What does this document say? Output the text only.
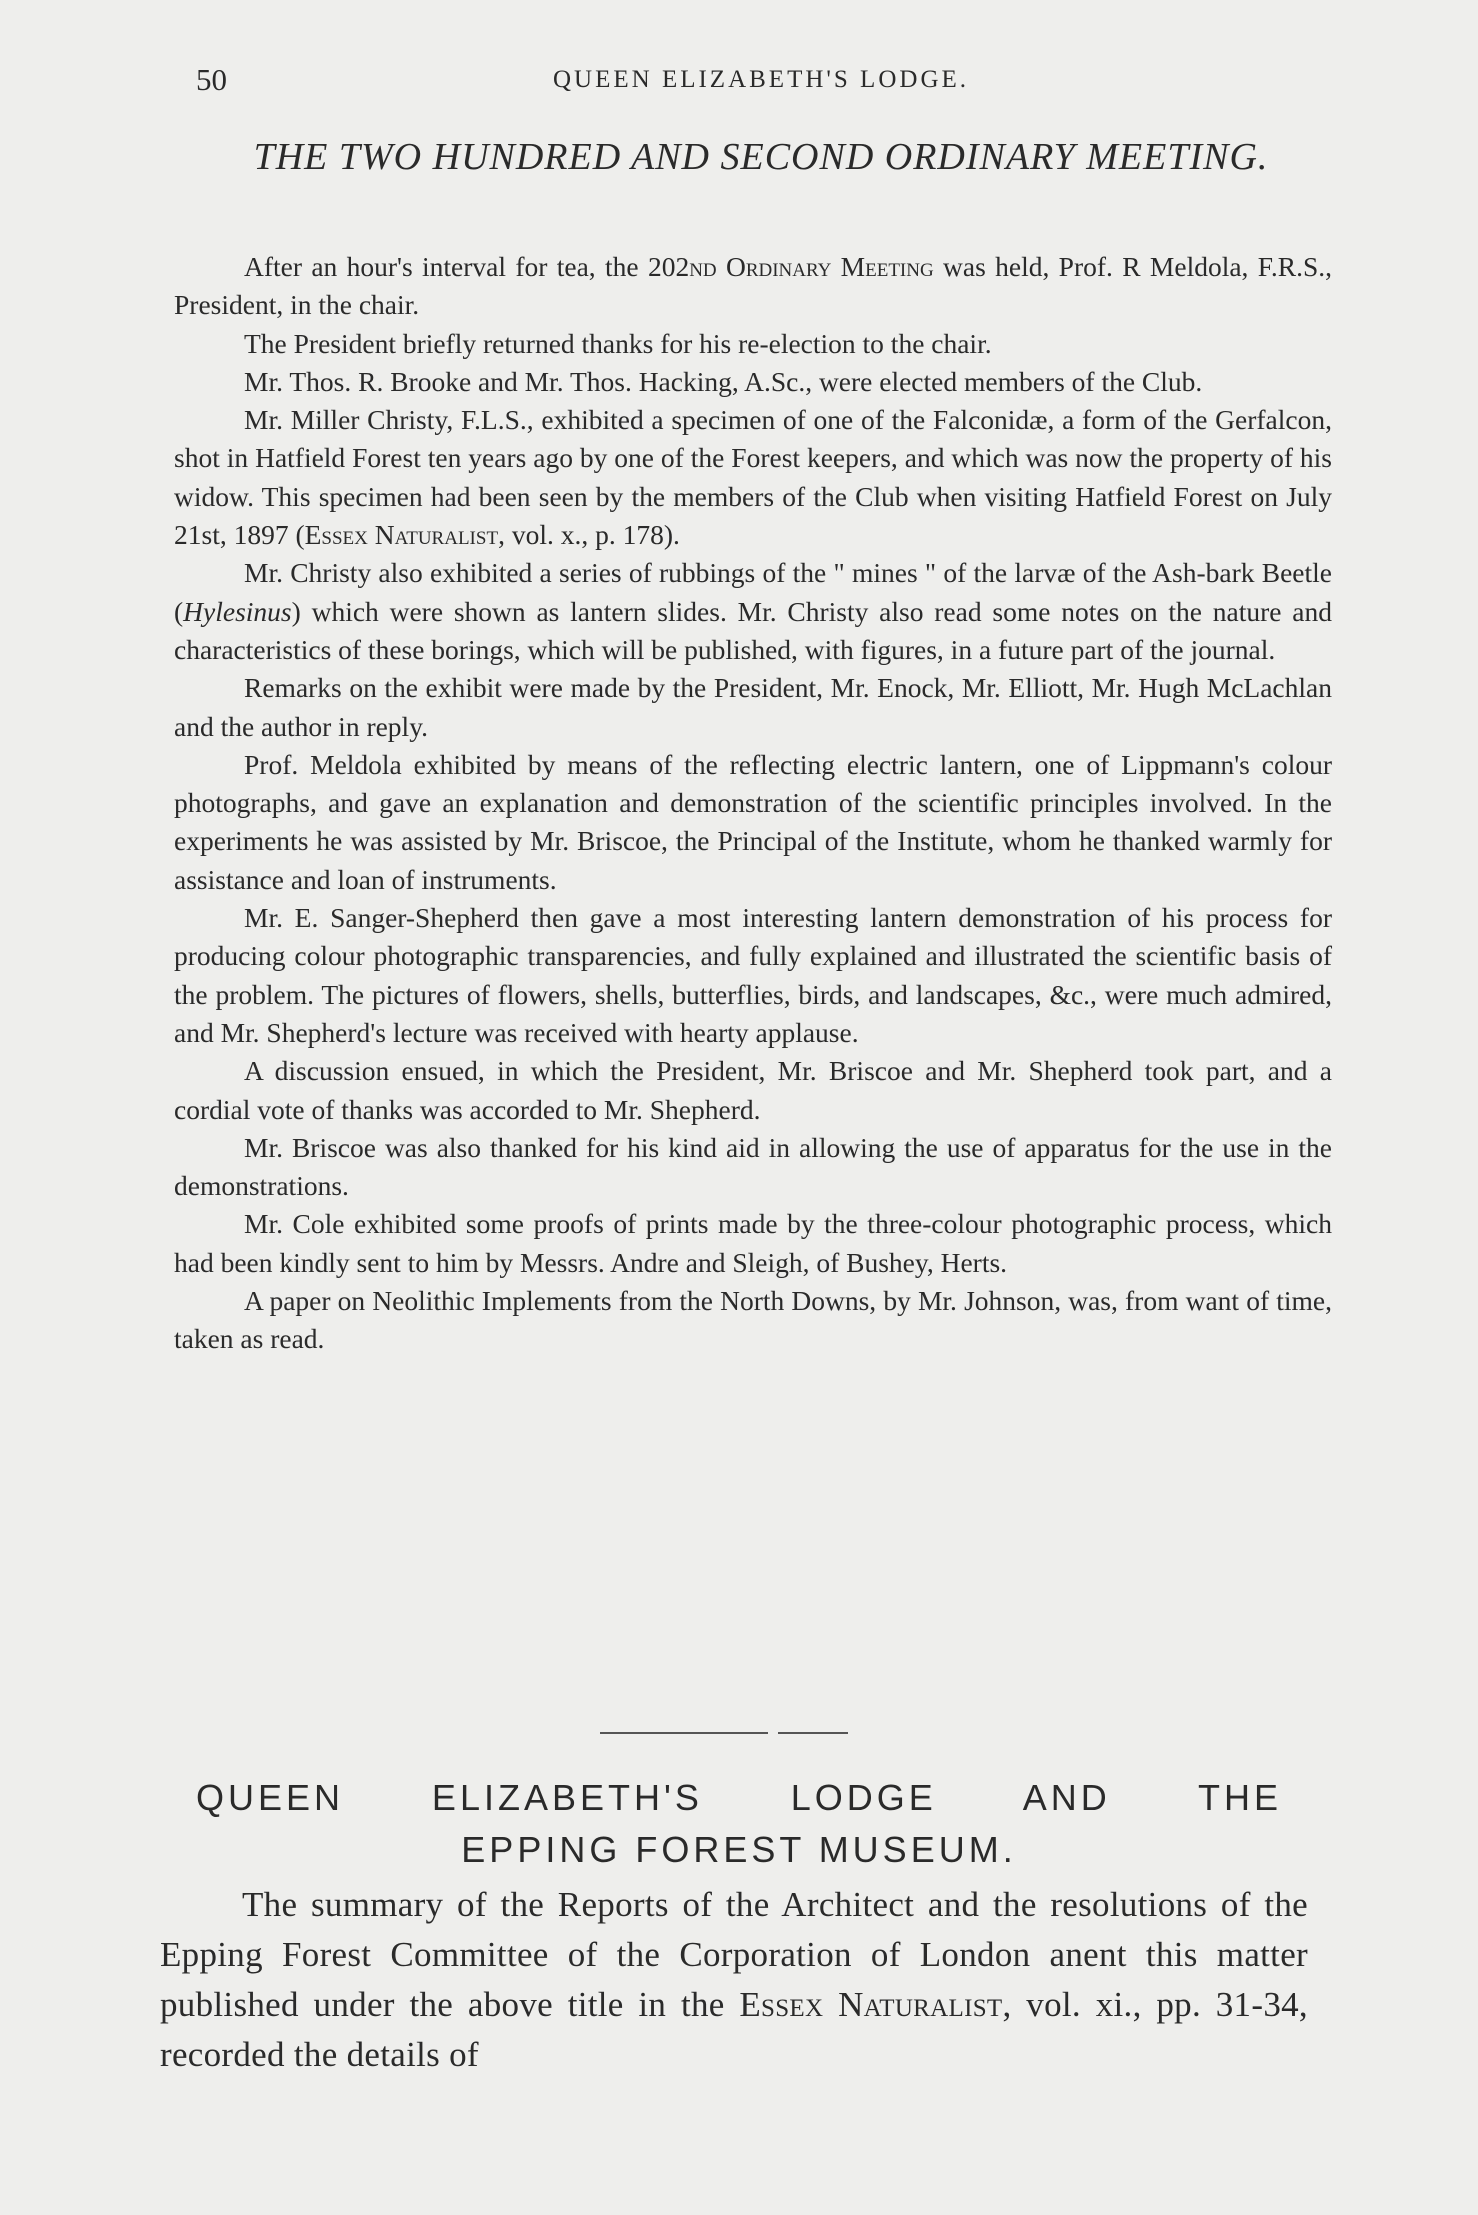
50	QUEEN ELIZABETH'S LODGE.
THE TWO HUNDRED AND SECOND ORDINARY MEETING.

After an hour's interval for tea, the 202nd Ordinary Meeting was held, Prof. R Meldola, F.R.S., President, in the chair.

The President briefly returned thanks for his re-election to the chair.

Mr. Thos. R. Brooke and Mr. Thos. Hacking, A.Sc., were elected members of the Club.

Mr. Miller Christy, F.L.S., exhibited a specimen of one of the Falconidæ, a form of the Gerfalcon, shot in Hatfield Forest ten years ago by one of the Forest keepers, and which was now the property of his widow. This specimen had been seen by the members of the Club when visiting Hatfield Forest on July 21st, 1897 (Essex Naturalist, vol. x., p. 178).

Mr. Christy also exhibited a series of rubbings of the " mines " of the larvæ of the Ash-bark Beetle (Hylesinus) which were shown as lantern slides. Mr. Christy also read some notes on the nature and characteristics of these borings, which will be published, with figures, in a future part of the journal.

Remarks on the exhibit were made by the President, Mr. Enock, Mr. Elliott, Mr. Hugh McLachlan and the author in reply.

Prof. Meldola exhibited by means of the reflecting electric lantern, one of Lippmann's colour photographs, and gave an explanation and demonstration of the scientific principles involved. In the experiments he was assisted by Mr. Briscoe, the Principal of the Institute, whom he thanked warmly for assistance and loan of instruments.

Mr. E. Sanger-Shepherd then gave a most interesting lantern demonstration of his process for producing colour photographic transparencies, and fully explained and illustrated the scientific basis of the problem. The pictures of flowers, shells, butterflies, birds, and landscapes, &c., were much admired, and Mr. Shepherd's lecture was received with hearty applause.

A discussion ensued, in which the President, Mr. Briscoe and Mr. Shepherd took part, and a cordial vote of thanks was accorded to Mr. Shepherd.

Mr. Briscoe was also thanked for his kind aid in allowing the use of apparatus for the use in the demonstrations.

Mr. Cole exhibited some proofs of prints made by the three-colour photographic process, which had been kindly sent to him by Messrs. Andre and Sleigh, of Bushey, Herts.

A paper on Neolithic Implements from the North Downs, by Mr. Johnson, was, from want of time, taken as read.

QUEEN ELIZABETH'S LODGE AND THE
EPPING FOREST MUSEUM.
The summary of the Reports of the Architect and the resolutions of the Epping Forest Committee of the Corporation of London anent this matter published under the above title in the Essex Naturalist, vol. xi., pp. 31-34, recorded the details of
